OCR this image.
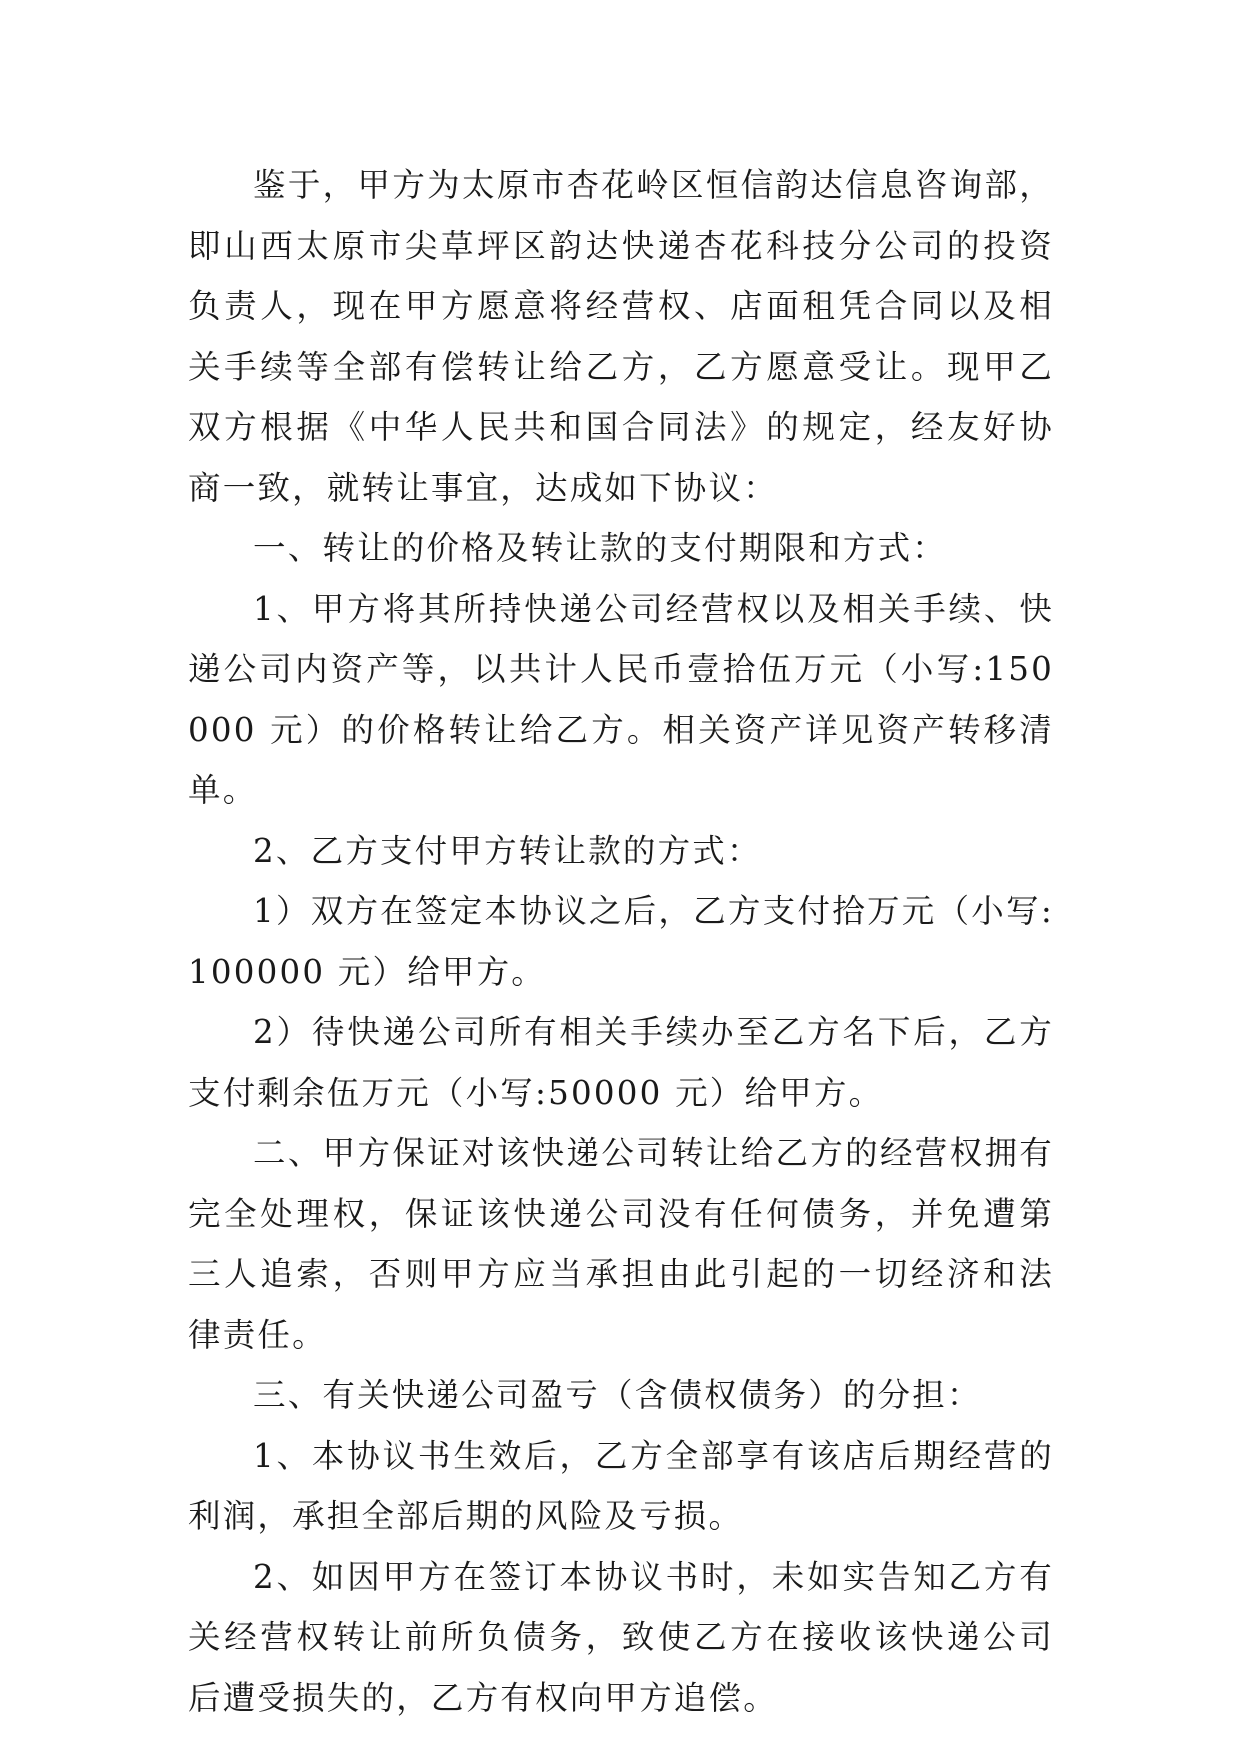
鉴于，甲方为太原市杏花岭区恒信韵达信息咨询部，即山西太原市尖草坪区韵达快递杏花科技分公司的投资负责人，现在甲方愿意将经营权、店面租凭合同以及相关手续等全部有偿转让给乙方，乙方愿意受让。现甲乙双方根据《中华人民共和国合同法》的规定，经友好协商一致，就转让事宜，达成如下协议：

一、转让的价格及转让款的支付期限和方式：

1、甲方将其所持快递公司经营权以及相关手续、快递公司内资产等，以共计人民币壹拾伍万元（小写:150000 元）的价格转让给乙方。相关资产详见资产转移清单。

2、乙方支付甲方转让款的方式：

1）双方在签定本协议之后，乙方支付拾万元（小写:100000 元）给甲方。

2）待快递公司所有相关手续办至乙方名下后，乙方支付剩余伍万元（小写:50000 元）给甲方。

二、甲方保证对该快递公司转让给乙方的经营权拥有完全处理权，保证该快递公司没有任何债务，并免遭第三人追索，否则甲方应当承担由此引起的一切经济和法律责任。

三、有关快递公司盈亏（含债权债务）的分担：

1、本协议书生效后，乙方全部享有该店后期经营的利润，承担全部后期的风险及亏损。

2、如因甲方在签订本协议书时，未如实告知乙方有关经营权转让前所负债务，致使乙方在接收该快递公司后遭受损失的，乙方有权向甲方追偿。
